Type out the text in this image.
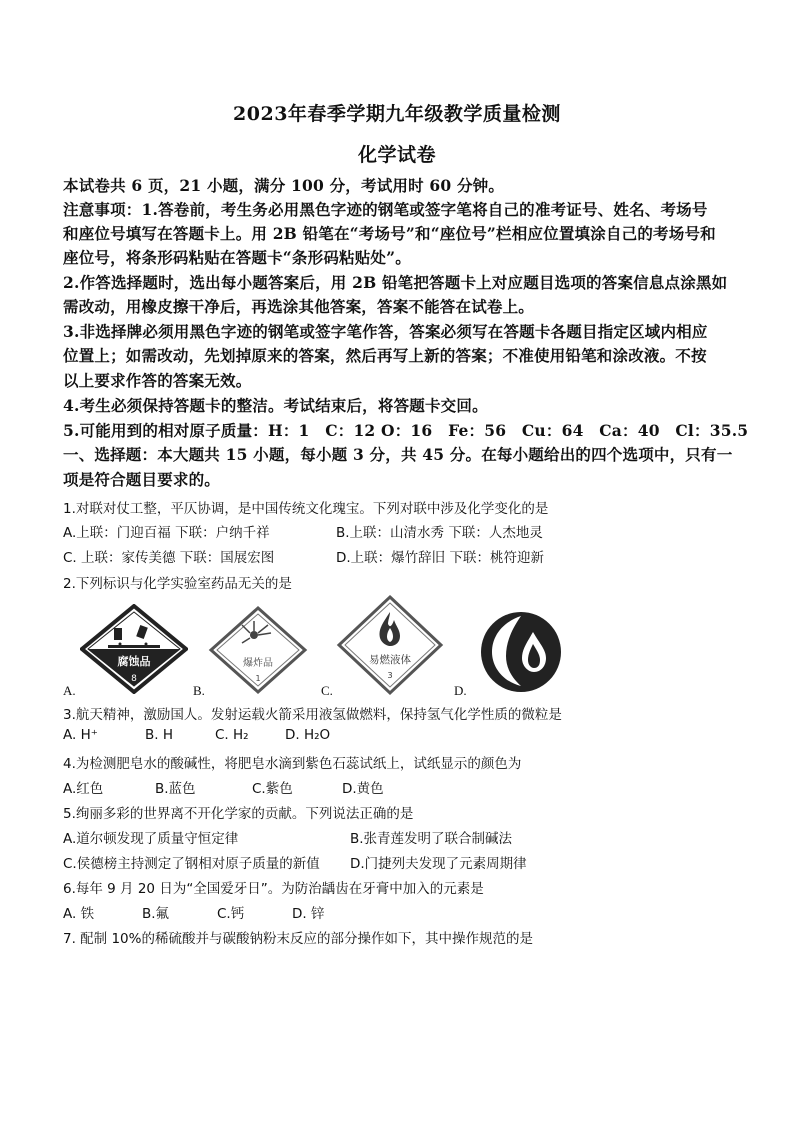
2023年春季学期九年级教学质量检测
化学试卷
本试卷共 6 页，21 小题，满分 100 分，考试用时 60 分钟。
注意事项：1.答卷前，考生务必用黑色字迹的钢笔或签字笔将自己的准考证号、姓名、考场号
和座位号填写在答题卡上。用 2B 铅笔在“考场号”和“座位号”栏相应位置填涂自己的考场号和
座位号，将条形码粘贴在答题卡“条形码粘贴处”。
2.作答选择题时，选出每小题答案后，用 2B 铅笔把答题卡上对应题目选项的答案信息点涂黑如
需改动，用橡皮擦干净后，再选涂其他答案，答案不能答在试卷上。
3.非选择牌必须用黑色字迹的钢笔或签字笔作答，答案必须写在答题卡各题目指定区域内相应
位置上；如需改动，先划掉原来的答案，然后再写上新的答案；不准使用铅笔和涂改液。不按
以上要求作答的答案无效。
4.考生必须保持答题卡的整洁。考试结束后，将答题卡交回。
5.可能用到的相对原子质量：H：1　C：12 O：16　Fe：56　Cu：64　Ca：40　Cl：35.5
一、选择题：本大题共 15 小题，每小题 3 分，共 45 分。在每小题给出的四个选项中，只有一
项是符合题目要求的。
1.对联对仗工整，平仄协调，是中国传统文化瑰宝。下列对联中涉及化学变化的是
A.上联：门迎百福 下联：户纳千祥	B.上联：山清水秀 下联：人杰地灵
C. 上联：家传美德 下联：国展宏图	D.上联：爆竹辞旧 下联：桃符迎新
2.下列标识与化学实验室药品无关的是
腐蚀品
8
爆炸品
1
易燃液体
3
A.	B.	C.	D.
3.航天精神，激励国人。发射运载火箭采用液氢做燃料，保持氢气化学性质的微粒是
A. H⁺	B. H	C. H₂	D. H₂O
4.为检测肥皂水的酸碱性，将肥皂水滴到紫色石蕊试纸上，试纸显示的颜色为
A.红色	B.蓝色	C.紫色	D.黄色
5.绚丽多彩的世界离不开化学家的贡献。下列说法正确的是
A.道尔顿发现了质量守恒定律	B.张青莲发明了联合制碱法
C.侯德榜主持测定了钢相对原子质量的新值 D.门捷列夫发现了元素周期律
6.每年 9 月 20 日为“全国爱牙日”。为防治龋齿在牙膏中加入的元素是
A. 铁	B.氟	C.钙	D. 锌
7. 配制 10%的稀硫酸并与碳酸钠粉末反应的部分操作如下，其中操作规范的是
